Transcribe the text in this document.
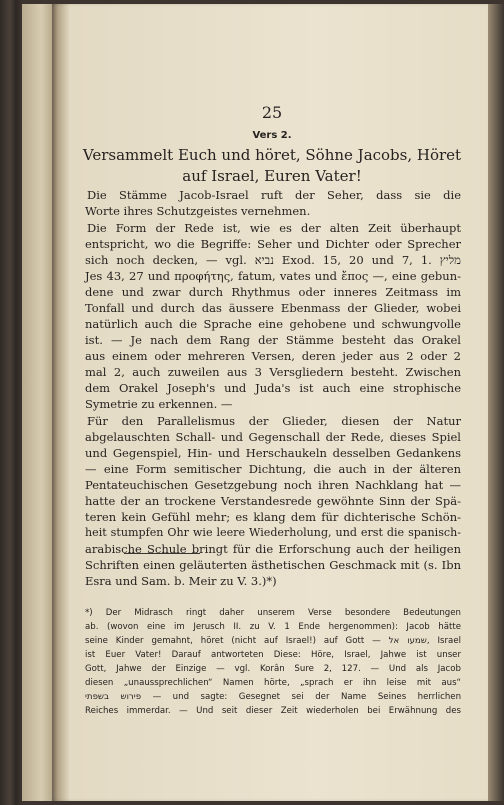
25
Vers 2.
Versammelt Euch und höret, Söhne Jacobs, Höret
auf Israel, Euren Vater!
Die Stämme Jacob-Israel ruft der Seher, dass sie die
Worte ihres Schutzgeistes vernehmen.
Die Form der Rede ist, wie es der alten Zeit überhaupt
entspricht, wo die Begriffe: Seher und Dichter oder Sprecher
sich noch decken, — vgl. נביא Exod. 15, 20 und 7, 1. מליץ
Jes 43, 27 und προφήτης, fatum, vates und ἔπος —, eine gebun-
dene und zwar durch Rhythmus oder inneres Zeitmass im
Tonfall und durch das äussere Ebenmass der Glieder, wobei
natürlich auch die Sprache eine gehobene und schwungvolle
ist. — Je nach dem Rang der Stämme besteht das Orakel
aus einem oder mehreren Versen, deren jeder aus 2 oder 2
mal 2, auch zuweilen aus 3 Versgliedern besteht. Zwischen
dem Orakel Joseph's und Juda's ist auch eine strophische
Symetrie zu erkennen. —
Für den Parallelismus der Glieder, diesen der Natur
abgelauschten Schall- und Gegenschall der Rede, dieses Spiel
und Gegenspiel, Hin- und Herschaukeln desselben Gedankens
— eine Form semitischer Dichtung, die auch in der älteren
Pentateuchischen Gesetzgebung noch ihren Nachklang hat —
hatte der an trockene Verstandesrede gewöhnte Sinn der Spä-
teren kein Gefühl mehr; es klang dem für dichterische Schön-
heit stumpfen Ohr wie leere Wiederholung, und erst die spanisch-
arabische Schule bringt für die Erforschung auch der heiligen
Schriften einen geläuterten ästhetischen Geschmack mit (s. Ibn
Esra und Sam. b. Meir zu V. 3.)*)
*) Der Midrasch ringt daher unserem Verse besondere Bedeutungen
ab. (wovon eine im Jerusch II. zu V. 1 Ende hergenommen): Jacob hätte
seine Kinder gemahnt, höret (nicht auf Israel!) auf Gott — שמעו אל, Israel
ist Euer Vater! Darauf antworteten Diese: Höre, Israel, Jahwe ist unser
Gott, Jahwe der Einzige — vgl. Korân Sure 2, 127. — Und als Jacob
diesen „unaussprechlichen“ Namen hörte, „sprach er ihn leise mit aus“
פירוש בשפתי — und sagte: Gesegnet sei der Name Seines herrlichen
Reiches immerdar. — Und seit dieser Zeit wiederholen bei Erwähnung des
